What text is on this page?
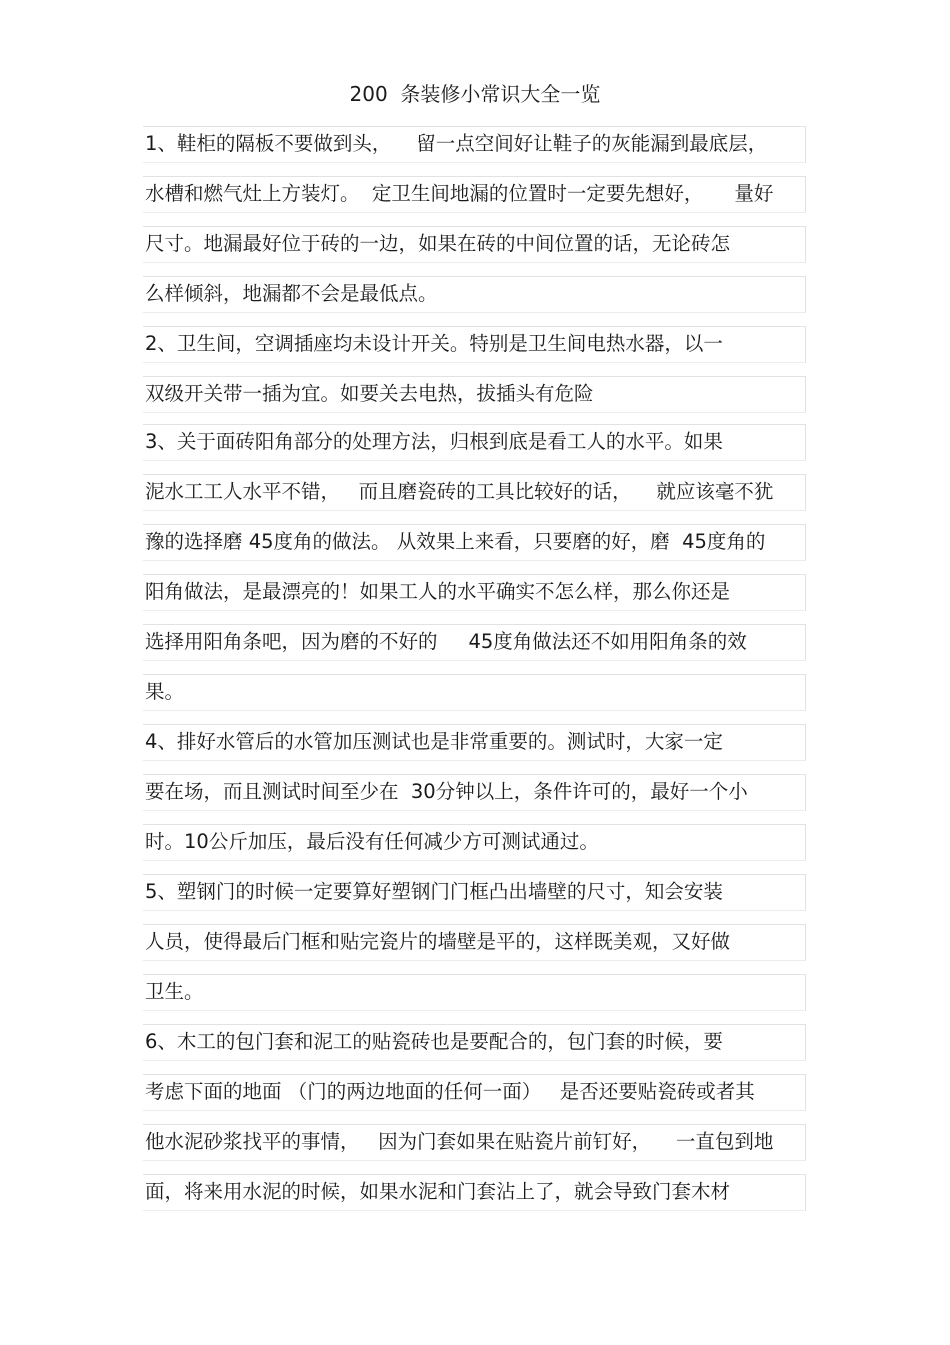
200  条装修小常识大全一览
1、鞋柜的隔板不要做到头，    留一点空间好让鞋子的灰能漏到最底层，
水槽和燃气灶上方装灯。  定卫生间地漏的位置时一定要先想好，     量好
尺寸。地漏最好位于砖的一边，如果在砖的中间位置的话，无论砖怎
么样倾斜，地漏都不会是最低点。
2、卫生间，空调插座均未设计开关。特别是卫生间电热水器，以一
双级开关带一插为宜。如要关去电热，拔插头有危险
3、关于面砖阳角部分的处理方法，归根到底是看工人的水平。如果
泥水工工人水平不错，   而且磨瓷砖的工具比较好的话，    就应该毫不犹
豫的选择磨 45度角的做法。 从效果上来看，只要磨的好，磨  45度角的
阳角做法，是最漂亮的！如果工人的水平确实不怎么样，那么你还是
选择用阳角条吧，因为磨的不好的     45度角做法还不如用阳角条的效
果。
4、排好水管后的水管加压测试也是非常重要的。测试时，大家一定
要在场，而且测试时间至少在  30分钟以上，条件许可的，最好一个小
时。10公斤加压，最后没有任何减少方可测试通过。
5、塑钢门的时候一定要算好塑钢门门框凸出墙壁的尺寸，知会安装
人员，使得最后门框和贴完瓷片的墙壁是平的，这样既美观，又好做
卫生。
6、木工的包门套和泥工的贴瓷砖也是要配合的，包门套的时候，要
考虑下面的地面 （门的两边地面的任何一面）   是否还要贴瓷砖或者其
他水泥砂浆找平的事情，   因为门套如果在贴瓷片前钉好，    一直包到地
面，将来用水泥的时候，如果水泥和门套沾上了，就会导致门套木材
